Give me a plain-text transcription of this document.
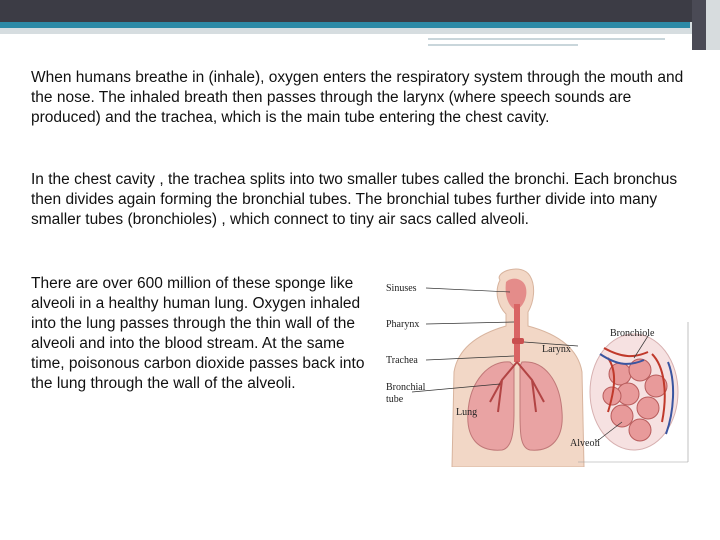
When humans breathe in (inhale), oxygen enters the respiratory system through the mouth and the nose. The inhaled breath then passes through the larynx (where speech sounds are produced) and the trachea, which is the main tube entering the chest cavity.

In the chest cavity , the trachea splits into two smaller tubes called the bronchi. Each bronchus then divides again forming the bronchial tubes. The bronchial tubes further divide into many smaller tubes (bronchioles) , which connect to tiny air sacs called alveoli.

There are over 600 million of these sponge like alveoli in a healthy human lung. Oxygen inhaled into the lung passes through the thin wall of the alveoli and into the blood stream. At the same time, poisonous carbon dioxide passes back into the lung through the wall of the alveoli.

Sinuses
Pharynx
Trachea
Bronchial
tube
Lung
Larynx
Bronchiole
Alveoli
